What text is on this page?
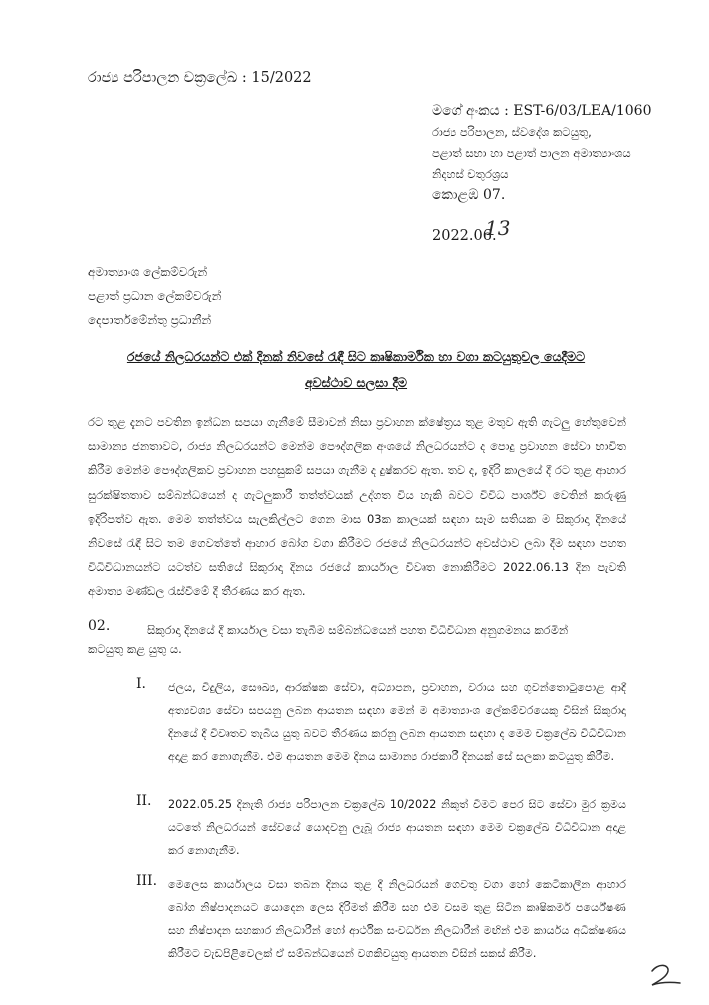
රාජ්‍ය පරිපාලන චක්‍රලේඛ : 15/2022
මගේ අංකය : EST-6/03/LEA/1060
රාජ්‍ය පරිපාලන, ස්වදේශ කටයුතු,
පළාත් සභා හා පළාත් පාලන අමාත්‍යාංශය
නිදහස් චතුරශ්‍රය
කොළඹ 07.
2022.06.
13
අමාත්‍යාංශ ලේකම්වරුන්
පළාත් ප්‍රධාන ලේකම්වරුන්
දෙපාර්තමේන්තු ප්‍රධානීන්
රජයේ නිලධරයන්ට එක් දිනක් නිවසේ රැඳී සිට කෘෂිකාර්මික හා වගා කටයුතුවල යෙදීමට
අවස්ථාව සලසා දීම
රට තුළ දැනට පවතින ඉන්ධන සපයා ගැනීමේ සීමාවන් නිසා ප්‍රවාහන ක්ෂේත්‍රය තුළ මතුව ඇති ගැටලු හේතුවෙන් සාමාන්‍ය ජනතාවට, රාජ්‍ය නිලධරයන්ට මෙන්ම පෞද්ගලික අංශයේ නිලධරයන්ට ද පොදු ප්‍රවාහන සේවා භාවිත කිරීම මෙන්ම පෞද්ගලිකව ප්‍රවාහන පහසුකම් සපයා ගැනීම ද දුෂ්කරව ඇත. තව ද, ඉදිරි කාලයේ දී රට තුළ ආහාර සුරක්ෂිතතාව සම්බන්ධයෙන් ද ගැටලුකාරී තත්ත්වයක් උද්ගත විය හැකි බවට විවිධ පාර්ශ්ව වෙතින් කරුණු ඉදිරිපත්ව ඇත. මෙම තත්ත්වය සැලකිල්ලට ගෙන මාස 03ක කාලයක් සඳහා සෑම සතියක ම සිකුරාදා දිනයේ නිවසේ රැඳී සිට තම ගෙවත්තේ ආහාර බෝග වගා කිරීමට රජයේ නිලධරයන්ට අවස්ථාව ලබා දීම සඳහා පහත විධිවිධානයන්ට යටත්ව සතියේ සිකුරාදා දිනය රජයේ කාර්යාල විවෘත නොකිරීමට 2022.06.13 දින පැවති අමාත්‍ය මණ්ඩල රැස්වීමේ දී තීරණය කර ඇත.
02.	සිකුරාදා දිනයේ දී කාර්යාල වසා තැබීම සම්බන්ධයෙන් පහත විධිවිධාන අනුගමනය කරමින්
කටයුතු කළ යුතු ය.
I. ජලය, විදුලිය, සෞඛ්‍ය, ආරක්ෂක සේවා, අධ්‍යාපන, ප්‍රවාහන, වරාය සහ ගුවන්තොටුපොළ ආදී අත්‍යවශ්‍ය සේවා සපයනු ලබන ආයතන සඳහා මෙන් ම අමාත්‍යාංශ ලේකම්වරයෙකු විසින් සිකුරාදා දිනයේ දී විවෘතව තැබිය යුතු බවට තීරණය කරනු ලබන ආයතන සඳහා ද මෙම චක්‍රලේඛ විධිවිධාන අදාළ කර නොගැනීම. එම ආයතන මෙම දිනය සාමාන්‍ය රාජකාරී දිනයක් සේ සලකා කටයුතු කිරීම.
II. 2022.05.25 දිනැති රාජ්‍ය පරිපාලන චක්‍රලේඛ 10/2022 නිකුත් වීමට පෙර සිට සේවා මුර ක්‍රමය යටතේ නිලධරයන් සේවයේ යොදවනු ලැබූ රාජ්‍ය ආයතන සඳහා මෙම චක්‍රලේඛ විධිවිධාන අදාළ කර නොගැනීම.
III. මෙලෙස කාර්යාලය වසා තබන දිනය තුළ දී නිලධරයන් ගෙවතු වගා හෝ කෙටිකාලීන ආහාර බෝග නිෂ්පාදනයට යොදෙන ලෙස දිරිමත් කිරීම සහ එම වසම තුළ සිටින කෘෂිකර්ම පර්යේෂණ සහ නිෂ්පාදන සහකාර නිලධාරීන් හෝ ආර්ථික සංවර්ධන නිලධාරීන් මඟින් එම කාර්යය අධීක්ෂණය කිරීමට වැඩපිළිවෙලක් ඒ සම්බන්ධයෙන් වගකිවයුතු ආයතන විසින් සකස් කිරීම.
